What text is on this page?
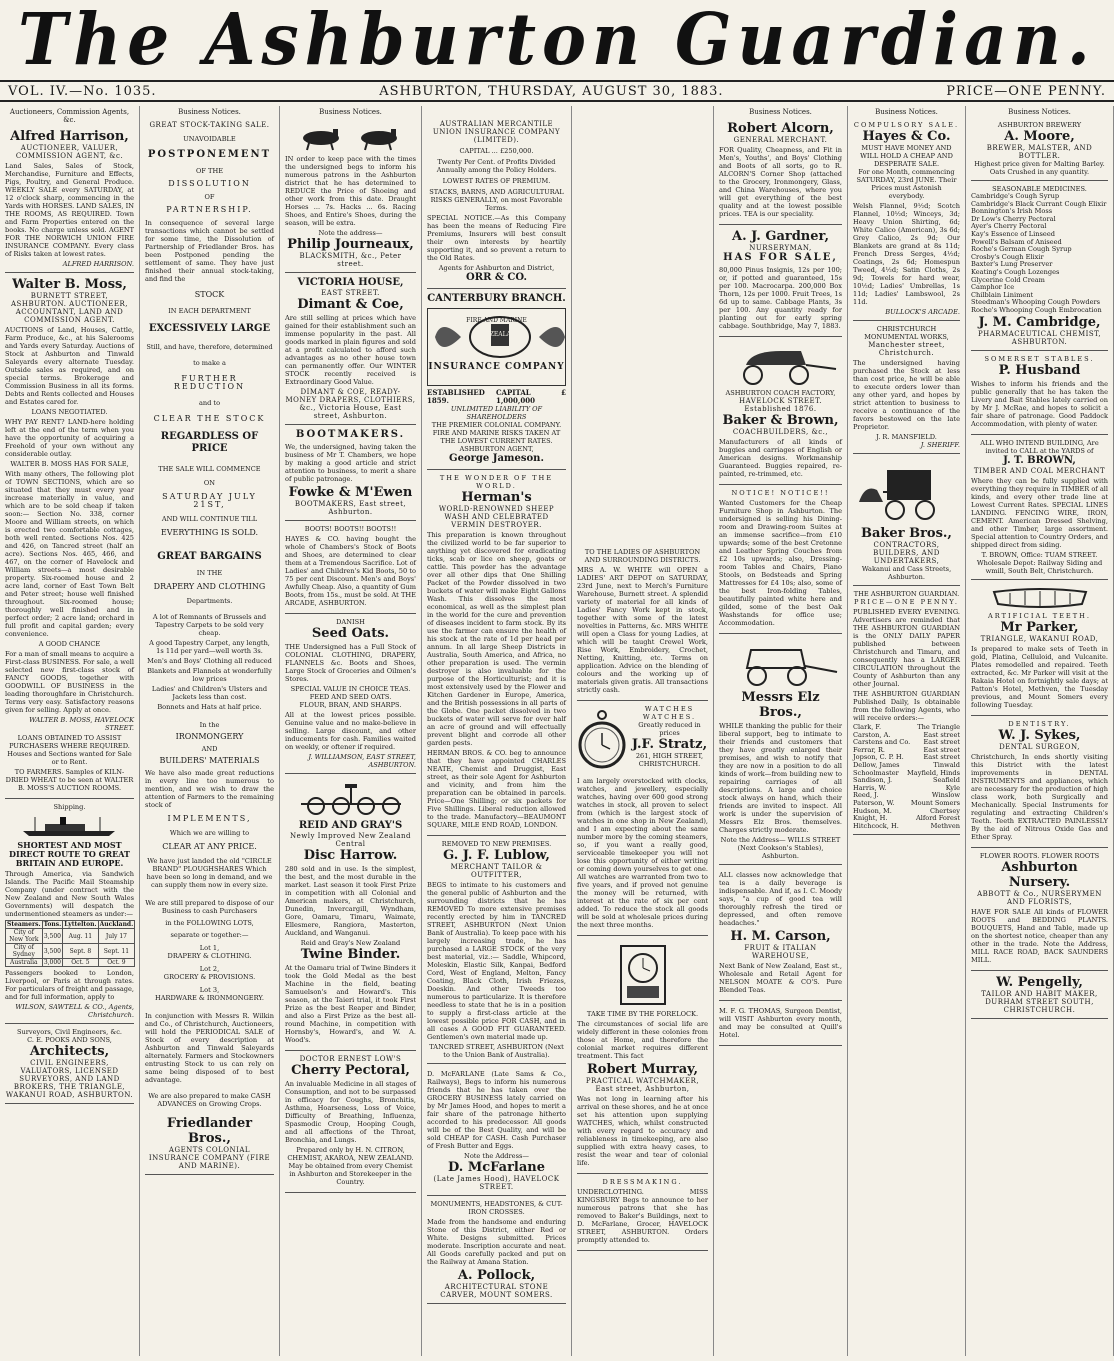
The Ashburton Guardian.
VOL. IV.—No. 1035.	ASHBURTON, THURSDAY, AUGUST 30, 1883.	PRICE—ONE PENNY.
Auctioneers, Commission Agents, &c.
Alfred Harrison,
AUCTIONEER, VALUER, COMMISSION AGENT, &c.
Land Sales, Sales of Stock, Merchandise, Furniture and Effects, Pigs, Poultry, and General Produce. WEEKLY SALE every SATURDAY, at 12 o'clock sharp, commencing in the Yards with HORSES. LAND SALES, IN THE ROOMS, AS REQUIRED. Town and Farm Properties entered on the books. No charge unless sold. AGENT FOR THE NORWICH UNION FIRE INSURANCE COMPANY. Every class of Risks taken at lowest rates.
ALFRED HARRISON.
Walter B. Moss,
BURNETT STREET, ASHBURTON. AUCTIONEER, ACCOUNTANT, LAND AND COMMISSION AGENT.
AUCTIONS of Land, Houses, Cattle, Farm Produce, &c., at his Salerooms and Yards every Saturday. Auctions of Stock at Ashburton and Tinwald Saleyards every alternate Tuesday. Outside sales as required, and on special terms. Brokerage and Commission Business in all its forms. Debts and Rents collected and Houses and Estates cared for.
LOANS NEGOTIATED.
WHY PAY RENT? LAND-here holding left at the end of the term when you have the opportunity of acquiring a Freehold of your own without any considerable outlay.
WALTER B. MOSS HAS FOR SALE,
With many others, The following plot of TOWN SECTIONS, which are so situated that they must every year increase materially in value, and which are to be sold cheap if taken soon:— Section No. 338, corner Moore and William streets, on which is erected two comfortable cottages, both well rented. Sections Nos. 425 and 426, on Tancred street (half an acre). Sections Nos. 465, 466, and 467, on the corner of Havelock and William streets—a most desirable property. Six-roomed house and 2 acre land, corner of East Town Belt and Peter street; house well finished throughout. Six-roomed house; thoroughly well finished and in perfect order; 2 acre land; orchard in full profit and capital garden; every convenience.
A GOOD CHANCE
For a man of small means to acquire a First-class BUSINESS. For sale, a well selected new first-class stock of FANCY GOODS, together with GOODWILL OF BUSINESS in the leading thoroughfare in Christchurch. Terms very easy. Satisfactory reasons given for selling. Apply at once.
WALTER B. MOSS, HAVELOCK STREET.
LOANS OBTAINED TO ASSIST PURCHASERS WHERE REQUIRED. Houses and Sections wanted for Sale or to Rent.
TO FARMERS. Samples of KILN-DRIED WHEAT to be seen at WALTER B. MOSS'S AUCTION ROOMS.
Shipping.
SHORTEST AND MOST DIRECT ROUTE TO GREAT BRITAIN AND EUROPE.
Through America, via Sandwich Islands. The Pacific Mail Steamship Company (under contract with the New Zealand and New South Wales Governments) will despatch the undermentioned steamers as under:—
Steamers.	Tons.	Lyttelton.	Auckland.
City of New York	3,500	Aug. 11	July 17
City of Sydney	3,500	Sept. 8	Sept. 11
Australia	3,000	Oct. 5	Oct. 9
Passengers booked to London, Liverpool, or Paris at through rates. For particulars of freight and passage, and for full information, apply to
WILSON, SAWTELL & CO., Agents, Christchurch.
Surveyors, Civil Engineers, &c.
C. E. POOKS AND SONS,
Architects,
CIVIL ENGINEERS, VALUATORS, LICENSED SURVEYORS, AND LAND BROKERS, THE TRIANGLE, WAKANUI ROAD, ASHBURTON.
Business Notices.
GREAT STOCK-TAKING SALE.
UNAVOIDABLE
POSTPONEMENT
OF THE
DISSOLUTION
OF
PARTNERSHIP.
In consequence of several large transactions which cannot be settled for some time, the Dissolution of Partnership of Friedlander Bros. has been Postponed pending the settlement of same. They have just finished their annual stock-taking, and find the
STOCK
IN EACH DEPARTMENT
EXCESSIVELY LARGE
Still, and have, therefore, determined
to make a
FURTHER REDUCTION
and to
CLEAR THE STOCK
REGARDLESS OF PRICE
THE SALE WILL COMMENCE
ON
SATURDAY JULY 21ST,
AND WILL CONTINUE TILL
EVERYTHING IS SOLD.
GREAT BARGAINS
IN THE
DRAPERY AND CLOTHING
Departments.
A lot of Remnants of Brussels and Tapestry Carpets to be sold very cheap.
A good Tapestry Carpet, any length, 1s 11d per yard—well worth 3s.
Men's and Boys' Clothing all reduced
Blankets and Flannels at wonderfully low prices
Ladies' and Children's Ulsters and Jackets less than cost.
Bonnets and Hats at half price.
In the
IRONMONGERY
AND
BUILDERS' MATERIALS
We have also made great reductions in every line too numerous to mention, and we wish to draw the attention of Farmers to the remaining stock of
IMPLEMENTS,
Which we are willing to
CLEAR AT ANY PRICE.
We have just landed the old "CIRCLE BRAND" PLOUGHSHARES Which have been so long in demand, and we can supply them now in every size.
We are still prepared to dispose of our Business to cash Purchasers
in the FOLLOWING LOTS,
separate or together:—
Lot 1,
DRAPERY & CLOTHING.
Lot 2,
GROCERY & PROVISIONS.
Lot 3,
HARDWARE & IRONMONGERY.
In conjunction with Messrs R. Wilkin and Co., of Christchurch, Auctioneers, will hold the PERIODICAL SALE of Stock of every description at Ashburton and Tinwald Saleyards alternately. Farmers and Stockowners entrusting Stock to us can rely on same being disposed of to best advantage.
We are also prepared to make CASH ADVANCES on Growing Crops.
Friedlander Bros.,
AGENTS COLONIAL INSURANCE COMPANY (FIRE AND MARINE).
Business Notices.
IN order to keep pace with the times the undersigned begs to inform his numerous patrons in the Ashburton district that he has determined to REDUCE the Price of Shoeing and other work from this date. Draught Horses ... 7s. Hacks ... 6s. Racing Shoes, and Entire's Shoes, during the season, will be extra.
Note the address—
Philip Journeaux,
BLACKSMITH, &c., Peter street.
VICTORIA HOUSE,
EAST STREET.
Dimant & Coe,
Are still selling at prices which have gained for their establishment such an immense popularity in the past. All goods marked in plain figures and sold at a profit calculated to afford such advantages as no other house town can permanently offer. Our WINTER STOCK recently received is Extraordinary Good Value.
DIMANT & COE, READY-MONEY DRAPERS, CLOTHIERS, &c., Victoria House, East street, Ashburton.
BOOTMAKERS.
We, the undersigned, having taken the business of Mr T. Chambers, we hope by making a good article and strict attention to business, to merit a share of public patronage.
Fowke & M'Ewen
BOOTMAKERS, East street, Ashburton.
BOOTS! BOOTS!! BOOTS!!
HAYES & CO. having bought the whole of Chambers's Stock of Boots and Shoes, are determined to clear them at a Tremendous Sacrifice. Lot of Ladies' and Children's Kid Boots, 50 to 75 per cent Discount. Men's and Boys' Awfully Cheap. Also, a quantity of Gum Boots, from 15s., must be sold. At THE ARCADE, ASHBURTON.
DANISH
Seed Oats.
THE Undersigned has a Full Stock of COLONIAL CLOTHING, DRAPERY, FLANNELS &c. Boots and Shoes, Large Stock of Groceries and Oilmen's Stores.
SPECIAL VALUE IN CHOICE TEAS.
FEED AND SEED OATS.
FLOUR, BRAN, AND SHARPS.
All at the lowest prices possible. Genuine value and no make-believe in selling. Large discount, and other inducements for cash. Families waited on weekly, or oftener if required.
J. WILLIAMSON, EAST STREET, ASHBURTON.
REID AND GRAY'S
Newly Improved New Zealand Central
Disc Harrow.
280 sold and in use. Is the simplest, the best, and the most durable in the market. Last season it took First Prize in competition with all Colonial and American makers, at Christchurch, Dunedin, Invercargill, Wyndham, Gore, Oamaru, Timaru, Waimate, Ellesmere, Rangiora, Masterton, Auckland, and Wanganui.
Reid and Gray's New Zealand
Twine Binder.
At the Oamaru trial of Twine Binders it took the Gold Medal as the best Machine in the field, beating Samuelson's and Howard's. This season, at the Taieri trial, it took First Prize as the best Reaper and Binder, and also a First Prize as the best all-round Machine, in competition with Hornsby's, Howard's, and W. A. Wood's.
DOCTOR ERNEST LOW'S
Cherry Pectoral,
An invaluable Medicine in all stages of Consumption, and not to be surpassed in efficacy for Coughs, Bronchitis, Asthma, Hoarseness, Loss of Voice, Difficulty of Breathing, Influenza, Spasmodic Croup, Hooping Cough, and all affections of the Throat, Bronchia, and Lungs.
Prepared only by H. N. CITRON, CHEMIST, AKAROA, NEW ZEALAND. May be obtained from every Chemist in Ashburton and Storekeeper in the Country.
AUSTRALIAN MERCANTILE UNION INSURANCE COMPANY (LIMITED).
CAPITAL ... £250,000.
Twenty Per Cent. of Profits Divided Annually among the Policy Holders.
LOWEST RATES OF PREMIUM.
STACKS, BARNS, AND AGRICULTURAL RISKS GENERALLY, on most Favorable Terms.
SPECIAL NOTICE.—As this Company has been the means of Reducing Fire Premiums, Insurers will best consult their own interests by heartily supporting it, and so prevent a return to the Old Rates.
Agents for Ashburton and District,
ORR & CO.
CANTERBURY BRANCH.
FIRE AND MARINE
NEW ZEALAND
INSURANCE COMPANY
ESTABLISHED 1859.
CAPITAL £ 1,000,000
UNLIMITED LIABILITY OF SHAREHOLDERS
THE PREMIER COLONIAL COMPANY.
FIRE AND MARINE RISKS TAKEN AT THE LOWEST CURRENT RATES.
ASHBURTON AGENT,
George Jameson.
THE WONDER OF THE WORLD.
Herman's
WORLD-RENOWNED SHEEP WASH AND CELEBRATED VERMIN DESTROYER.
This preparation is known throughout the civilized world to be far superior to anything yet discovered for eradicating ticks, scab or lice on sheep, goats or cattle. This powder has the advantage over all other dips that One Shilling Packet of the Powder dissolved in two buckets of water will make Eight Gallons Wash. This dissolves the most economical, as well as the simplest plan in the world for the cure and prevention of diseases incident to farm stock. By its use the farmer can ensure the health of his stock at the rate of 1d per head per annum. In all large Sheep Districts in Australia, South America, and Africa, no other preparation is used. The vermin destroyer is also invaluable for the purpose of the Horticulturist; and it is most extensively used by the Flower and Kitchen Gardener in Europe, America, and the British possessions in all parts of the Globe. One packet dissolved in two buckets of water will serve for over half an acre of ground and will effectually prevent blight and corrode all other garden pests.
HERMAN BROS. & CO. beg to announce that they have appointed CHARLES NEATE, Chemist and Druggist, East street, as their sole Agent for Ashburton and vicinity, and from him the preparation can be obtained in parcels. Price—One Shilling; or six packets for Five Shillings. Liberal reduction allowed to the trade. Manufactory—BEAUMONT SQUARE, MILE END ROAD, LONDON.
REMOVED TO NEW PREMISES.
G. J. F. Lublow,
MERCHANT TAILOR & OUTFITTER,
BEGS to intimate to his customers and the general public of Ashburton and the surrounding districts that he has REMOVED To more extensive premises recently erected by him in TANCRED STREET, ASHBURTON (Next Union Bank of Australia). To keep pace with his largely increasing trade, he has purchased a LARGE STOCK of the very best material, viz.:— Saddle, Whipcord, Moleskin, Elastic Silk, Kanpai, Bedford Cord, West of England, Melton, Fancy Coating, Black Cloth, Irish Friezes, Doeskin. And other Tweeds too numerous to particularize. It is therefore needless to state that he is in a position to supply a first-class article at the lowest possible price FOR CASH, and in all cases A GOOD FIT GUARANTEED. Gentlemen's own material made up.
TANCRED STREET, ASHBURTON (Next to the Union Bank of Australia).
D. McFARLANE (Late Sams & Co., Railways), Begs to inform his numerous friends that he has taken over the GROCERY BUSINESS lately carried on by Mr James Hood, and hopes to merit a fair share of the patronage hitherto accorded to his predecessor. All goods will be of the Best Quality, and will be sold CHEAP for CASH. Cash Purchaser of Fresh Butter and Eggs.
Note the Address—
D. McFarlane
(Late James Hood), HAVELOCK STREET.
MONUMENTS, HEADSTONES, & CUT-IRON CROSSES.
Made from the handsome and enduring Stone of this District, either Red or White. Designs submitted. Prices moderate. Inscription accurate and neat. All Goods carefully packed and put on the Railway at Amana Station.
A. Pollock,
ARCHITECTURAL STONE CARVER, MOUNT SOMERS.
TO THE LADIES OF ASHBURTON AND SURROUNDING DISTRICTS.
MRS A. W. WHITE will OPEN a LADIES' ART DEPOT on SATURDAY, 23rd June, next to Merch's Furniture Warehouse, Burnett street. A splendid variety of material for all kinds of Ladies' Fancy Work kept in stock, together with some of the latest novelties in Patterns, &c. MRS WHITE will open a Class for young Ladies, at which will be taught Crewel Work, Rise Work, Embroidery, Crochet, Netting, Knitting, etc. Terms on application. Advice on the blending of colours and the working up of materials given gratis. All transactions strictly cash.
WATCHES WATCHES.
Greatly reduced in prices
J.F. Stratz,
261, HIGH STREET, CHRISTCHURCH.
I am largely overstocked with clocks, watches, and jewellery, especially watches, having over 600 good strong watches in stock, all proven to select from (which is the largest stock of watches in one shop in New Zealand), and I am expecting about the same number more by the coming steamers, so, if you want a really good, serviceable timekeeper you will not lose this opportunity of either writing or coming down yourselves to get one. All watches are warranted from two to five years, and if proved not genuine the money will be returned, with interest at the rate of six per cent added. To reduce the stock all goods will be sold at wholesale prices during the next three months.
TAKE TIME BY THE FORELOCK.
The circumstances of social life are widely different in these colonies from those at Home, and therefore the colonial market requires different treatment. This fact
Robert Murray,
PRACTICAL WATCHMAKER, East street, Ashburton,
Was not long in learning after his arrival on these shores, and he at once set his attention upon supplying WATCHES, which, whilst constructed with every regard to accuracy and reliableness in timekeeping, are also supplied with extra heavy cases, to resist the wear and tear of colonial life.
DRESSMAKING.
UNDERCLOTHING. MISS KINGSBURY Begs to announce to her numerous patrons that she has removed to Baker's Buildings, next to D. McFarlane, Grocer, HAVELOCK STREET, ASHBURTON. Orders promptly attended to.
Business Notices.
Robert Alcorn,
GENERAL MERCHANT.
FOR Quality, Cheapness, and Fit in Men's, Youths', and Boys' Clothing and Boots of all sorts, go to R. ALCORN'S Corner Shop (attached to the Grocery, Ironmongery, Glass, and China Warehouses, where you will get everything of the best quality and at the lowest possible prices. TEA is our speciality.
A. J. Gardner,
NURSERYMAN,
HAS FOR SALE,
80,000 Pinus Insignis, 12s per 100; or, if potted and guaranteed, 15s per 100. Macrocarpa. 200,000 Box Thorn, 12s per 1000. Fruit Trees, 1s 6d up to same. Cabbage Plants, 3s per 100. Any quantity ready for planting out for early spring cabbage. Southbridge, May 7, 1883.
ASHBURTON COACH FACTORY,
HAVELOCK STREET. Established 1876.
Baker & Brown,
COACHBUILDERS, &c.,
Manufacturers of all kinds of buggies and carriages of English or American designs. Workmanship Guaranteed. Buggies repaired, re-painted, re-trimmed, etc.
NOTICE! NOTICE!!
Wanted Customers for the Cheap Furniture Shop in Ashburton. The undersigned is selling his Dining-room and Drawing-room Suites at an immense sacrifice—from £10 upwards; some of the best Cretonne and Leather Spring Couches from £2 10s upwards; also, Dressing-room Tables and Chairs, Piano Stools, on Bedsteads and Spring Mattresses for £4 10s; also, some of the best Iron-folding Tables, beautifully painted white here and gilded, some of the best Oak Washstands for office use; Accommodation.
Messrs Elz Bros.,
WHILE thanking the public for their liberal support, beg to intimate to their friends and customers that they have greatly enlarged their premises, and wish to notify that they are now in a position to do all kinds of work—from building new to repairing carriages of all descriptions. A large and choice stock always on hand, which their friends are invited to inspect. All work is under the supervision of Messrs Elz Bros. themselves. Charges strictly moderate.
Note the Address— WILLS STREET (Next Cookson's Stables), Ashburton.
ALL classes now acknowledge that tea is a daily beverage is indispensable. And if, as I. C. Moody says, "a cup of good tea will thoroughly refresh the tired or depressed, and often remove headaches."
H. M. Carson,
FRUIT & ITALIAN WAREHOUSE,
Next Bank of New Zealand, East st., Wholesale and Retail Agent for NELSON MOATE & CO'S. Pure Blended Teas.
M. F. G. THOMAS, Surgeon Dentist, will VISIT Ashburton every month, and may be consulted at Quill's Hotel.
Business Notices.
COMPULSORY SALE.
Hayes & Co.
MUST HAVE MONEY AND WILL HOLD A CHEAP AND DESPERATE SALE.
For one Month, commencing SATURDAY, 23rd JUNE. Their Prices must Astonish everybody.
Welsh Flannel, 9½d; Scotch Flannel, 10½d; Winceys, 3d; Heavy Union Shirting, 6d; White Calico (American), 3s 6d; Grey Calico, 2s 9d; Our Blankets are grand at 8s 11d; French Dress Serges, 4½d; Coatings, 2s 6d; Homespun Tweed, 4½d; Satin Cloths, 2s 9d; Towels for hard wear, 10½d; Ladies' Umbrellas, 1s 11d; Ladies' Lambswool, 2s 11d.
BULLOCK'S ARCADE.
CHRISTCHURCH MONUMENTAL WORKS,
Manchester street, Christchurch.
The undersigned having purchased the Stock at less than cost price, he will be able to execute orders lower than any other yard, and hopes by strict attention to business to receive a continuance of the favors bestowed on the late Proprietor.
J. R. MANSFIELD.
J. SHERIFF.
Baker Bros.,
CONTRACTORS, BUILDERS, AND UNDERTAKERS,
Wakanui and Cass Streets, Ashburton.
THE ASHBURTON GUARDIAN.
PRICE—ONE PENNY.
PUBLISHED EVERY EVENING. Advertisers are reminded that THE ASHBURTON GUARDIAN is the ONLY DAILY PAPER published between Christchurch and Timaru, and consequently has a LARGER CIRCULATION throughout the County of Ashburton than any other Journal.
THE ASHBURTON GUARDIAN Published Daily, Is obtainable from the following Agents, who will receive orders:—
Clark, F.	The Triangle
Carston, A.	East street
Carstens and Co. East street
Ferrar, R.	East street
Jopson, C. P. H.	East street
Dellow, James	Tinwald
Schoolmaster Mayfield, Hinds
Sandison, J.	Seafield
Harris, W.	Kyle
Reed, J.	Winslow
Paterson, W.	Mount Somers
Hudson, M.	Chertsey
Knight, H.	Alford Forest
Hitchcock, H.	Methven
Business Notices.
ASHBURTON BREWERY
A. Moore,
BREWER, MALSTER, AND BOTTLER.
Highest price given for Malting Barley. Oats Crushed in any quantity.
SEASONABLE MEDICINES.
Cambridge's Cough Syrup
Cambridge's Black Currant Cough Elixir
Bonnington's Irish Moss
Dr Low's Cherry Pectoral
Ayer's Cherry Pectoral
Kay's Essence of Linseed
Powell's Balsam of Aniseed
Roche's German Cough Syrup
Crosby's Cough Elixir
Baxter's Lung Preserver
Keating's Cough Lozenges
Glycerine Cold Cream
Camphor Ice
Chilblain Liniment
Steedman's Whooping Cough Powders
Roche's Whooping Cough Embrocation
J. M. Cambridge,
PHARMACEUTICAL CHEMIST, ASHBURTON.
SOMERSET STABLES.
P. Husband
Wishes to inform his friends and the public generally that he has taken the Livery and Bait Stables lately carried on by Mr J. McRae, and hopes to solicit a fair share of patronage. Good Paddock Accommodation, with plenty of water.
ALL WHO INTEND BUILDING, Are invited to CALL at the YARDS of
J. T. BROWN,
TIMBER AND COAL MERCHANT
Where they can be fully supplied with everything they require in TIMBER of all kinds, and every other trade line at Lowest Current Rates. SPECIAL LINES LANDING. FENCING WIRE, IRON, CEMENT. American Dressed Shelving, and other Timber, large assortment. Special attention to Country Orders, and shipped direct from siding.
T. BROWN, Office: TUAM STREET. Wholesale Depot: Railway Siding and wmill, South Belt, Christchurch.
ARTIFICIAL TEETH.
Mr Parker,
TRIANGLE, WAKANUI ROAD,
Is prepared to make sets of Teeth in gold, Platina, Celluloid, and Vulcanite. Plates remodelled and repaired. Teeth extracted, &c. Mr Parker will visit at the Rakaia Hotel on fortnightly sale days; at Patton's Hotel, Methven, the Tuesday previous, and Mount Somers every following Tuesday.
DENTISTRY.
W. J. Sykes,
DENTAL SURGEON,
Christchurch, In ends shortly visiting this District with the latest improvements in DENTAL INSTRUMENTS and appliances, which are necessary for the production of high class work, both Surgically and Mechanically. Special Instruments for regulating and extracting Children's Teeth. Teeth EXTRACTED PAINLESSLY By the aid of Nitrous Oxide Gas and Ether Spray.
FLOWER ROOTS. FLOWER ROOTS
Ashburton Nursery.
ABBOTT & Co., NURSERYMEN AND FLORISTS,
HAVE FOR SALE All kinds of FLOWER ROOTS and BEDDING PLANTS. BOUQUETS, Hand and Table, made up on the shortest notice, cheaper than any other in the trade. Note the Address, MILL RACE ROAD, BACK SAUNDERS MILL.
W. Pengelly,
TAILOR AND HABIT MAKER, DURHAM STREET SOUTH, CHRISTCHURCH.
